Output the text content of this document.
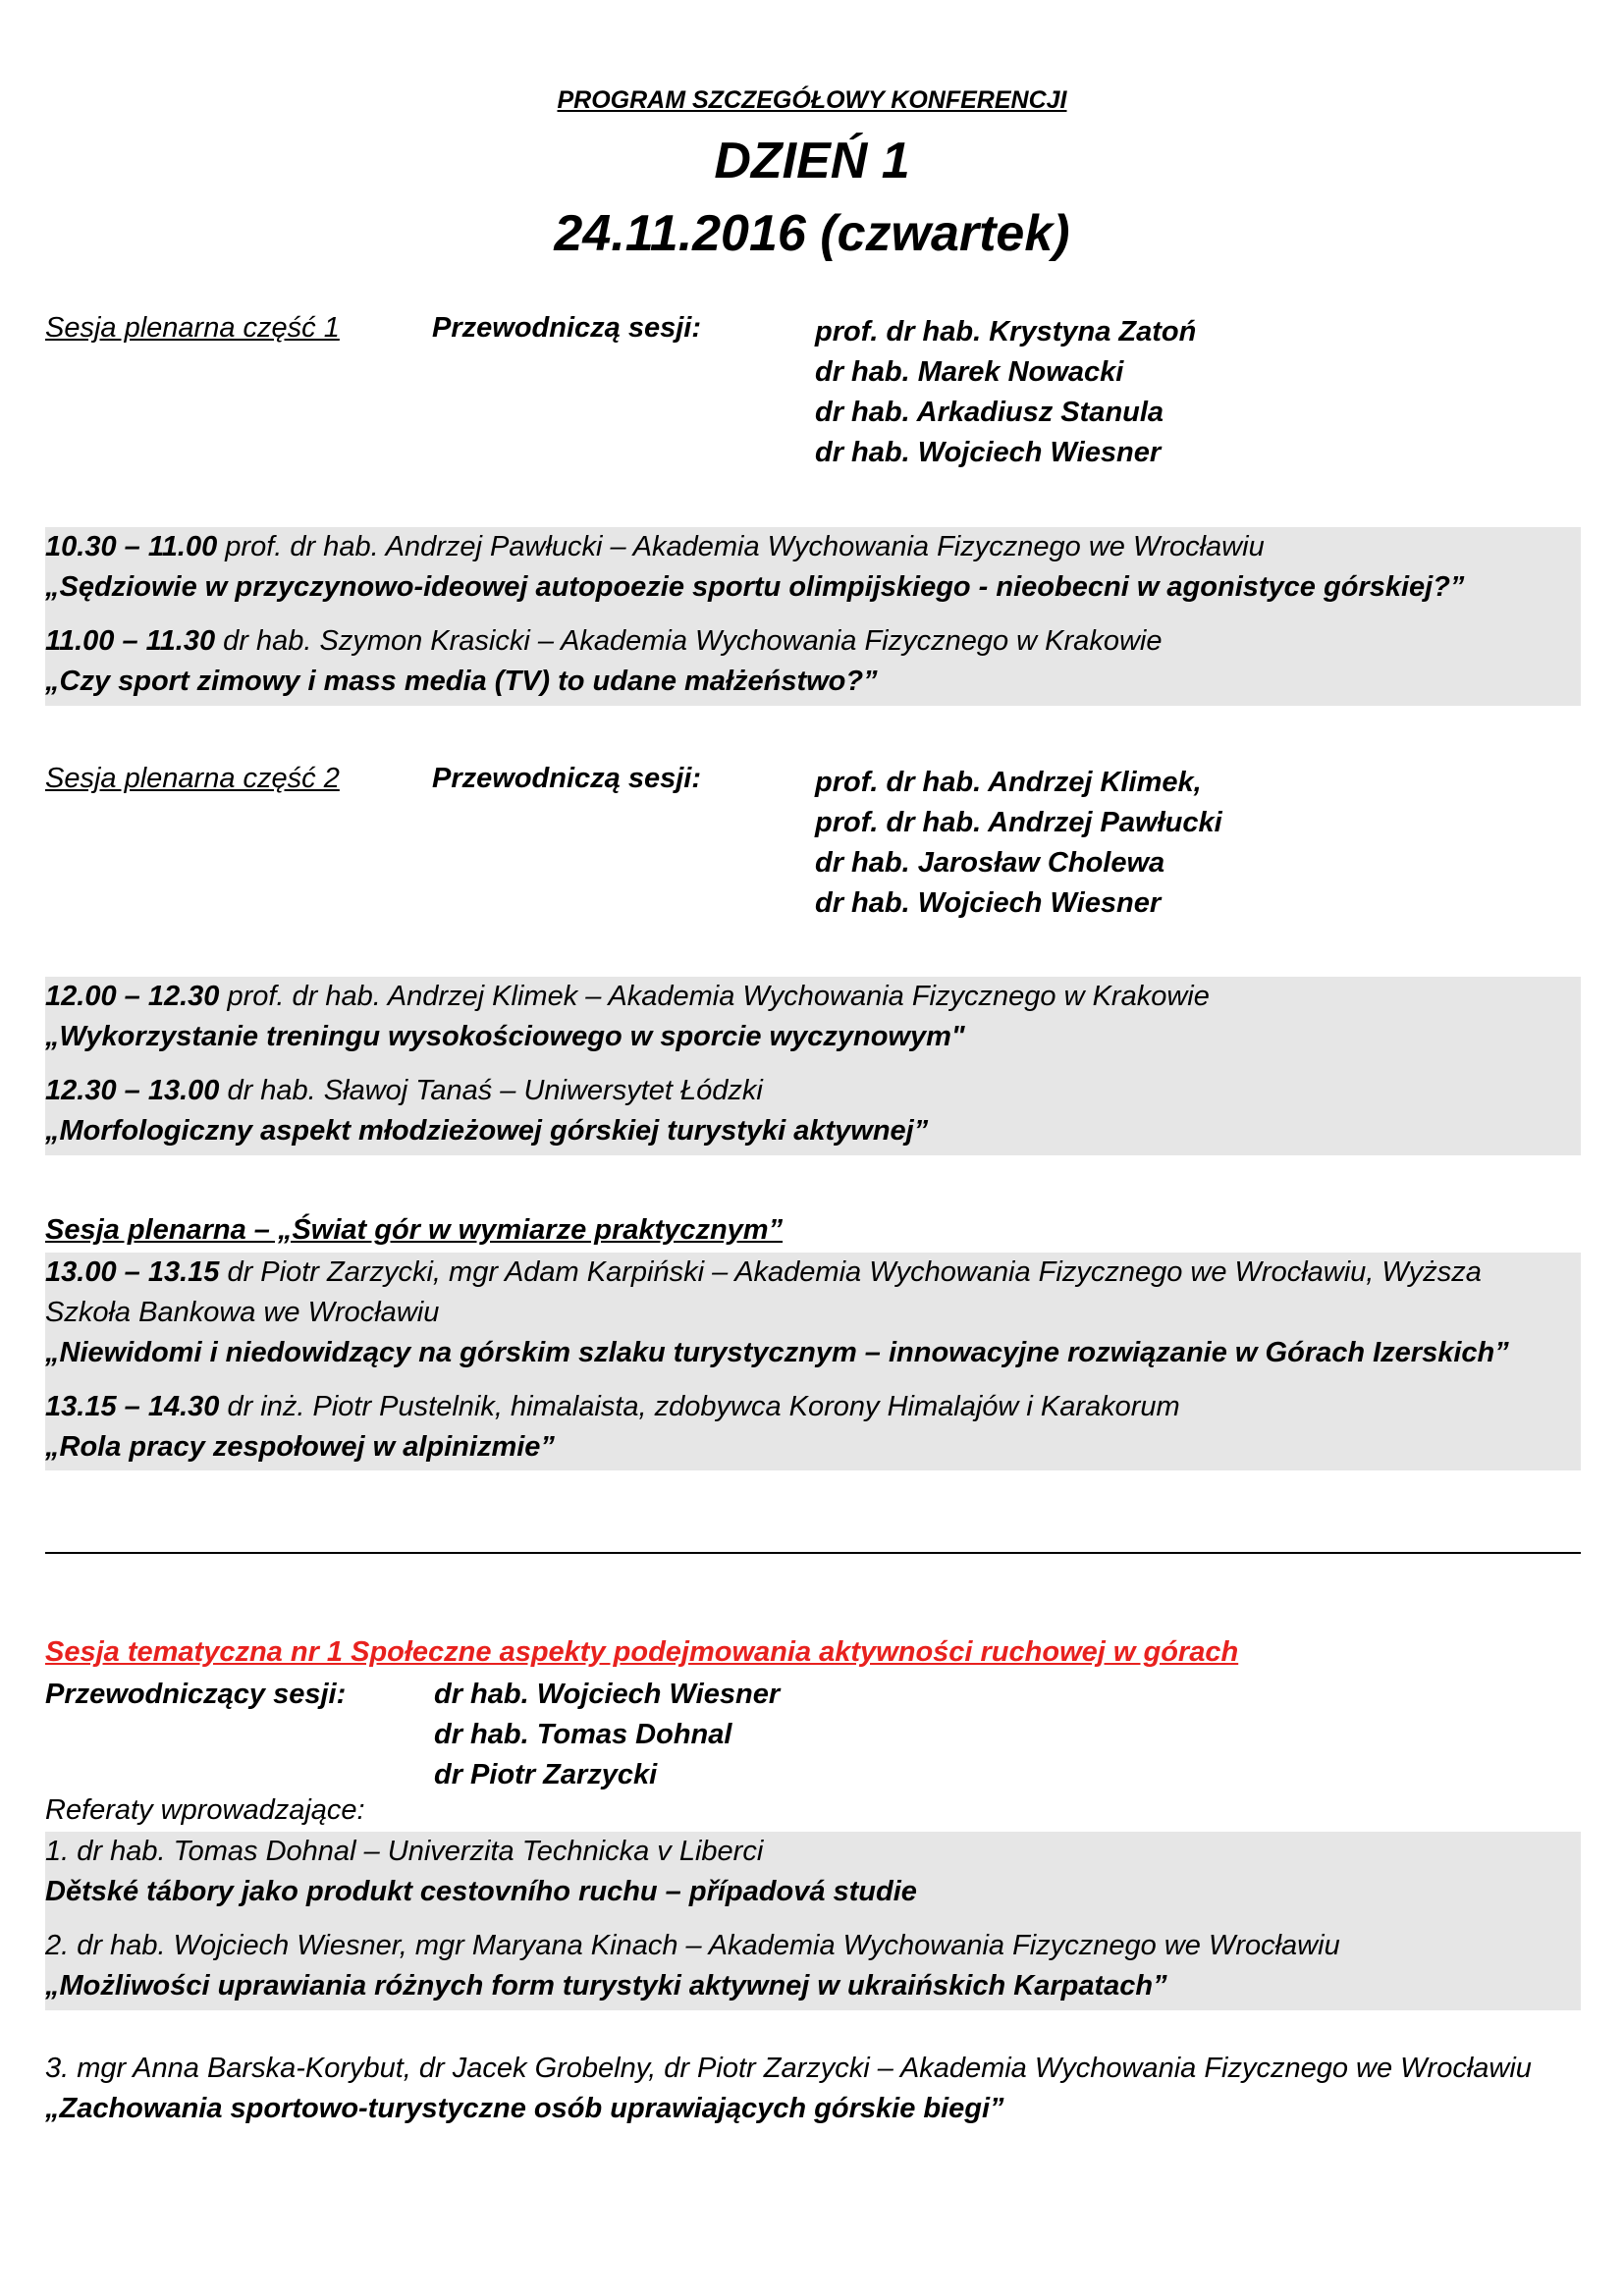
PROGRAM SZCZEGÓŁOWY KONFERENCJI
DZIEŃ 1
24.11.2016 (czwartek)
Sesja plenarna część 1	Przewodniczą sesji:	prof. dr hab. Krystyna Zatoń
dr hab. Marek Nowacki
dr hab. Arkadiusz Stanula
dr hab. Wojciech Wiesner
10.30 – 11.00 prof. dr hab. Andrzej Pawłucki – Akademia Wychowania Fizycznego we Wrocławiu
„Sędziowie w przyczynowo-ideowej autopoezie sportu olimpijskiego - nieobecni w agonistyce górskiej?”
11.00 – 11.30 dr hab. Szymon Krasicki – Akademia Wychowania Fizycznego w Krakowie
„Czy sport zimowy i mass media (TV) to udane małżeństwo?”
Sesja plenarna część 2	Przewodniczą sesji:	prof. dr hab. Andrzej Klimek,
prof. dr hab. Andrzej Pawłucki
dr hab. Jarosław Cholewa
dr hab. Wojciech Wiesner
12.00 – 12.30 prof. dr hab. Andrzej Klimek – Akademia Wychowania Fizycznego w Krakowie
„Wykorzystanie treningu wysokościowego w sporcie wyczynowym"
12.30 – 13.00 dr hab. Sławoj Tanaś – Uniwersytet Łódzki
„Morfologiczny aspekt młodzieżowej górskiej turystyki aktywnej”
Sesja plenarna – „Świat gór w wymiarze praktycznym”
13.00 – 13.15 dr Piotr Zarzycki, mgr Adam Karpiński – Akademia Wychowania Fizycznego we Wrocławiu, Wyższa Szkoła Bankowa we Wrocławiu
„Niewidomi i niedowidzący na górskim szlaku turystycznym – innowacyjne rozwiązanie w Górach Izerskich”
13.15 – 14.30 dr inż. Piotr Pustelnik, himalaista, zdobywca Korony Himalajów i Karakorum
„Rola pracy zespołowej w alpinizmie”
Sesja tematyczna nr 1 Społeczne aspekty podejmowania aktywności ruchowej w górach
Przewodniczący sesji:	dr hab. Wojciech Wiesner
dr hab. Tomas Dohnal
dr Piotr Zarzycki
Referaty wprowadzające:
1. dr hab. Tomas Dohnal – Univerzita Technicka v Liberci
Dětské tábory jako produkt cestovního ruchu – případová studie
2. dr hab. Wojciech Wiesner, mgr Maryana Kinach – Akademia Wychowania Fizycznego we Wrocławiu
„Możliwości uprawiania różnych form turystyki aktywnej w ukraińskich Karpatach”
3. mgr Anna Barska-Korybut, dr Jacek Grobelny, dr Piotr Zarzycki – Akademia Wychowania Fizycznego we Wrocławiu
„Zachowania sportowo-turystyczne osób uprawiających górskie biegi”
